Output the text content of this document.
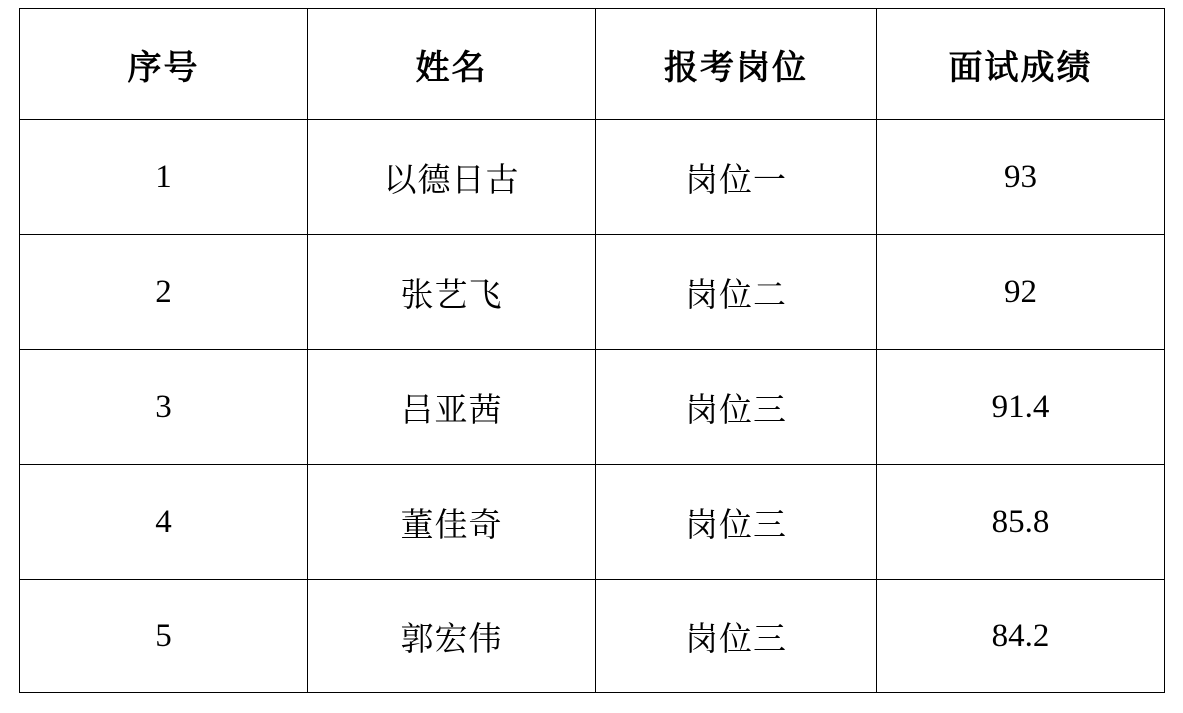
序号	姓名	报考岗位	面试成绩
1	以德日古	岗位一	93
2	张艺飞	岗位二	92
3	吕亚茜	岗位三	91.4
4	董佳奇	岗位三	85.8
5	郭宏伟	岗位三	84.2
